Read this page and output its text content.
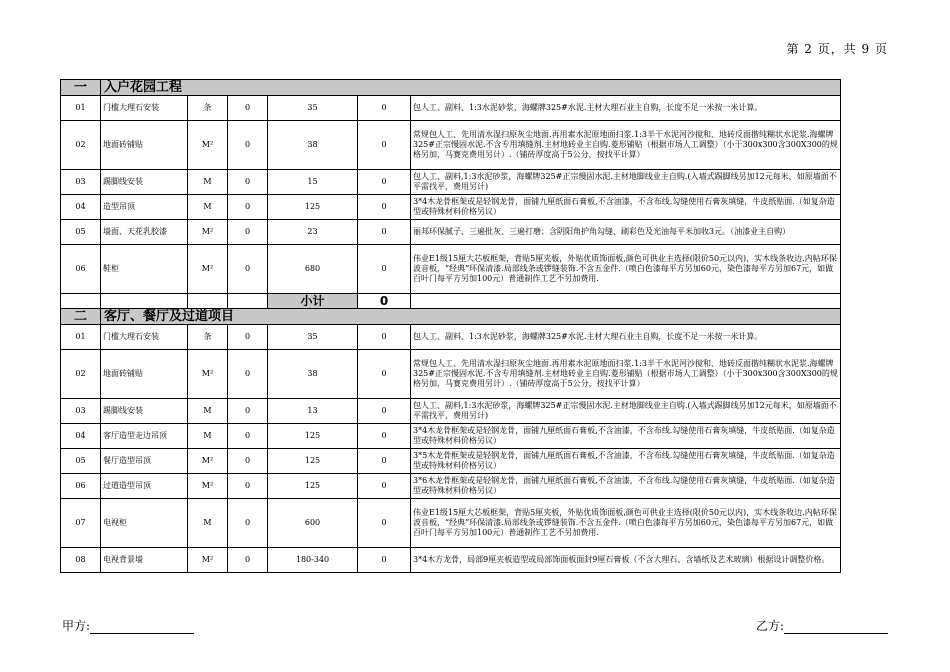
第 2 页，共 9 页
一	入户花园工程					
01	门槛大理石安装	条	0	35	0	包人工、副料、1:3水泥砂浆，海螺牌325#水泥.主材大理石业主自购，长度不足一米按一米计算。
02	地面砖铺贴	M²	0	38	0	常规包人工、先用清水湿扫原灰尘地面.再用素水泥原地面扫浆.1:3半干水泥河沙搅和、地砖反面揩纯糊状水泥浆.海螺牌325#正宗慢固水泥.不含专用填缝剂.主材地砖业主自购.菱形铺贴（根据市场人工调整）（小于300x300含300X300的规格另加，马赛克费用另计）.（铺砖厚度高于5公分，按找平计算）
03	踢脚线安装	M	0	15	0	包人工、副料,1:3水泥砂浆，海螺牌325#正宗慢固水泥.主材地脚线业主自购.(入墙式踢脚线另加12元每米，如原墙面不平需找平，费用另计)
04	造型吊顶	M	0	125	0	3*4木龙骨框架或是轻钢龙骨，面铺九厘纸面石膏板,不含油漆，不含布线.勾缝使用石膏灰填缝，牛皮纸贴面.（如复杂造型或特殊材料价格另议）
05	墙面、天花乳胶漆	M²	0	23	0	丽邦环保腻子、三遍批灰、三遍打磨；含阴阳角护角勾缝、刷彩色及光油每平米加收3元。（油漆业主自购）
06	鞋柜	M²	0	680	0	伟业E1级15厘大芯板框架，背贴5厘夹板，外贴优质饰面板,颜色可供业主选择(限价50元以内)，实木线条收边.内帖环保波音板，“经典”环保清漆.局部线条或锣缝装饰.不含五金件.（喷白色漆每平方另加60元，染色漆每平方另加67元，如做百叶门每平方另加100元）普通制作工艺不另加费用.
				小计	0	
二	客厅、餐厅及过道项目					
01	门槛大理石安装	条	0	35	0	包人工、副料、1:3水泥砂浆，海螺牌325#水泥.主材大理石业主自购，长度不足一米按一米计算。
02	地面砖铺贴	M²	0	38	0	常规包人工、先用清水湿扫原灰尘地面.再用素水泥原地面扫浆.1:3半干水泥河沙搅和、地砖反面揩纯糊状水泥浆.海螺牌325#正宗慢固水泥.不含专用填缝剂.主材地砖业主自购.菱形铺贴（根据市场人工调整）（小于300x300含300X300的规格另加，马赛克费用另计）.（铺砖厚度高于5公分，按找平计算）
03	踢脚线安装	M	0	13	0	包人工、副料,1:3水泥砂浆，海螺牌325#正宗慢固水泥.主材地脚线业主自购.(入墙式踢脚线另加12元每米，如原墙面不平需找平，费用另计)
04	客厅造型走边吊顶	M	0	125	0	3*4木龙骨框架或是轻钢龙骨，面铺九厘纸面石膏板,不含油漆，不含布线.勾缝使用石膏灰填缝，牛皮纸贴面.（如复杂造型或特殊材料价格另议）
05	餐厅造型吊顶	M²	0	125	0	3*5木龙骨框架或是轻钢龙骨，面铺九厘纸面石膏板,不含油漆，不含布线.勾缝使用石膏灰填缝，牛皮纸贴面.（如复杂造型或特殊材料价格另议）
06	过道造型吊顶	M²	0	125	0	3*6木龙骨框架或是轻钢龙骨，面铺九厘纸面石膏板,不含油漆，不含布线.勾缝使用石膏灰填缝，牛皮纸贴面.（如复杂造型或特殊材料价格另议）
07	电视柜	M	0	600	0	伟业E1级15厘大芯板框架，背贴5厘夹板，外贴优质饰面板,颜色可供业主选择(限价50元以内)，实木线条收边.内帖环保波音板，“经典”环保清漆.局部线条或锣缝装饰.不含五金件.（喷白色漆每平方另加60元，染色漆每平方另加67元，如做百叶门每平方另加100元）普通制作工艺不另加费用.
08	电视背景墙	M²	0	180-340	0	3*4木方龙骨，局部9厘夹板造型或局部饰面板面封9厘石膏板（不含大理石、含墙纸及艺术玻璃）根据设计调整价格。
甲方:	乙方:
